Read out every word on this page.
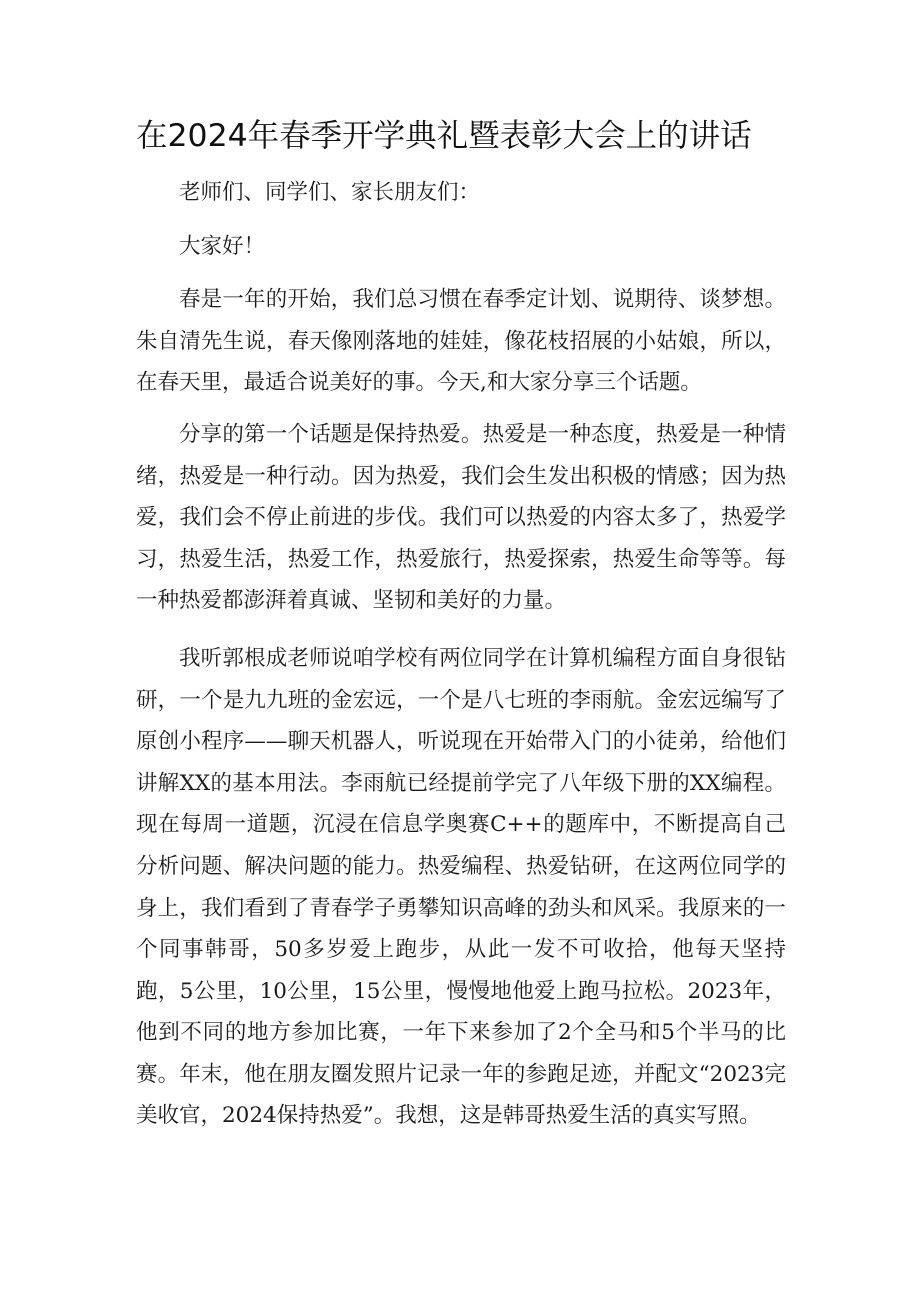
在2024年春季开学典礼暨表彰大会上的讲话

老师们、同学们、家长朋友们：

大家好！

春是一年的开始，我们总习惯在春季定计划、说期待、谈梦想。朱自清先生说，春天像刚落地的娃娃，像花枝招展的小姑娘，所以，在春天里，最适合说美好的事。今天,和大家分享三个话题。

分享的第一个话题是保持热爱。热爱是一种态度，热爱是一种情绪，热爱是一种行动。因为热爱，我们会生发出积极的情感；因为热爱，我们会不停止前进的步伐。我们可以热爱的内容太多了，热爱学习，热爱生活，热爱工作，热爱旅行，热爱探索，热爱生命等等。每一种热爱都澎湃着真诚、坚韧和美好的力量。

我听郭根成老师说咱学校有两位同学在计算机编程方面自身很钻研，一个是九九班的金宏远，一个是八七班的李雨航。金宏远编写了原创小程序——聊天机器人，听说现在开始带入门的小徒弟，给他们讲解XX的基本用法。李雨航已经提前学完了八年级下册的XX编程。现在每周一道题，沉浸在信息学奥赛C++的题库中，不断提高自己分析问题、解决问题的能力。热爱编程、热爱钻研，在这两位同学的身上，我们看到了青春学子勇攀知识高峰的劲头和风采。我原来的一个同事韩哥，50多岁爱上跑步，从此一发不可收拾，他每天坚持跑，5公里，10公里，15公里，慢慢地他爱上跑马拉松。2023年，他到不同的地方参加比赛，一年下来参加了2个全马和5个半马的比赛。年末，他在朋友圈发照片记录一年的参跑足迹，并配文“2023完美收官，2024保持热爱”。我想，这是韩哥热爱生活的真实写照。
